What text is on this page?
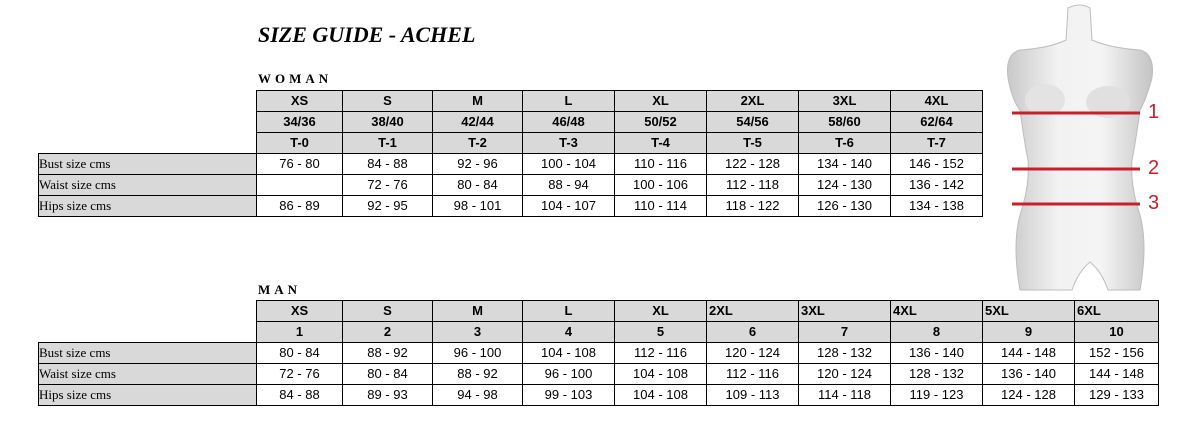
SIZE GUIDE - ACHEL
WOMAN
	XS	S	M	L	XL	2XL	3XL	4XL
	34/36	38/40	42/44	46/48	50/52	54/56	58/60	62/64
	T-0	T-1	T-2	T-3	T-4	T-5	T-6	T-7
Bust size cms	76 - 80	84 - 88	92 - 96	100 - 104	110 - 116	122 - 128	134 - 140	146 - 152
Waist size cms		72 - 76	80 - 84	88 - 94	100 - 106	112 - 118	124 - 130	136 - 142
Hips size cms	86 - 89	92 - 95	98 - 101	104 - 107	110 - 114	118 - 122	126 - 130	134 - 138
MAN
	XS	S	M	L	XL	2XL	3XL	4XL	5XL	6XL
	1	2	3	4	5	6	7	8	9	10
Bust size cms	80 - 84	88 - 92	96 - 100	104 - 108	112 - 116	120 - 124	128 - 132	136 - 140	144 - 148	152 - 156
Waist size cms	72 - 76	80 - 84	88 - 92	96 - 100	104 - 108	112 - 116	120 - 124	128 - 132	136 - 140	144 - 148
Hips size cms	84 - 88	89 - 93	94 - 98	99 - 103	104 - 108	109 - 113	114 - 118	119 - 123	124 - 128	129 - 133
1
2
3
